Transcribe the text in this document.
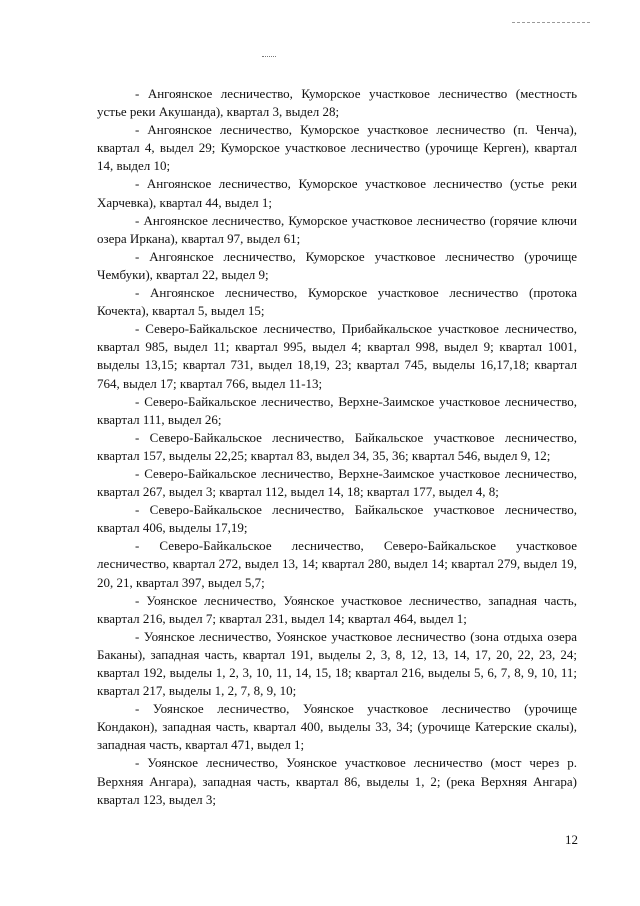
- Ангоянское лесничество, Куморское участковое лесничество (местность устье реки Акушанда), квартал 3, выдел 28;

- Ангоянское лесничество, Куморское участковое лесничество (п. Ченча), квартал 4, выдел 29; Куморское участковое лесничество (урочище Керген), квартал 14, выдел 10;

- Ангоянское лесничество, Куморское участковое лесничество (устье реки Харчевка), квартал 44, выдел 1;

- Ангоянское лесничество, Куморское участковое лесничество (горячие ключи озера Иркана), квартал 97, выдел 61;

- Ангоянское лесничество, Куморское участковое лесничество (урочище Чембуки), квартал 22, выдел 9;

- Ангоянское лесничество, Куморское участковое лесничество (протока Кочекта), квартал 5, выдел 15;

- Северо-Байкальское лесничество, Прибайкальское участковое лесничество, квартал 985, выдел 11; квартал 995, выдел 4; квартал 998, выдел 9; квартал 1001, выделы 13,15; квартал 731, выдел 18,19, 23; квартал 745, выделы 16,17,18; квартал 764, выдел 17; квартал 766, выдел 11-13;

- Северо-Байкальское лесничество, Верхне-Заимское участковое лесничество, квартал 111, выдел 26;

- Северо-Байкальское лесничество, Байкальское участковое лесничество, квартал 157, выделы 22,25; квартал 83, выдел 34, 35, 36; квартал 546, выдел 9, 12;

- Северо-Байкальское лесничество, Верхне-Заимское участковое лесничество, квартал 267, выдел 3; квартал 112, выдел 14, 18; квартал 177, выдел 4, 8;

- Северо-Байкальское лесничество, Байкальское участковое лесничество, квартал 406, выделы 17,19;

- Северо-Байкальское лесничество, Северо-Байкальское участковое лесничество, квартал 272, выдел 13, 14; квартал 280, выдел 14; квартал 279, выдел 19, 20, 21, квартал 397, выдел 5,7;

- Уоянское лесничество, Уоянское участковое лесничество, западная часть, квартал 216, выдел 7; квартал 231, выдел 14; квартал 464, выдел 1;

- Уоянское лесничество, Уоянское участковое лесничество (зона отдыха озера Баканы), западная часть, квартал 191, выделы 2, 3, 8, 12, 13, 14, 17, 20, 22, 23, 24; квартал 192, выделы 1, 2, 3, 10, 11, 14, 15, 18; квартал 216, выделы 5, 6, 7, 8, 9, 10, 11; квартал 217, выделы 1, 2, 7, 8, 9, 10;

- Уоянское лесничество, Уоянское участковое лесничество (урочище Кондакон), западная часть, квартал 400, выделы 33, 34; (урочище Катерские скалы), западная часть, квартал 471, выдел 1;

- Уоянское лесничество, Уоянское участковое лесничество (мост через р. Верхняя Ангара), западная часть, квартал 86, выделы 1, 2; (река Верхняя Ангара) квартал 123, выдел 3;

12
